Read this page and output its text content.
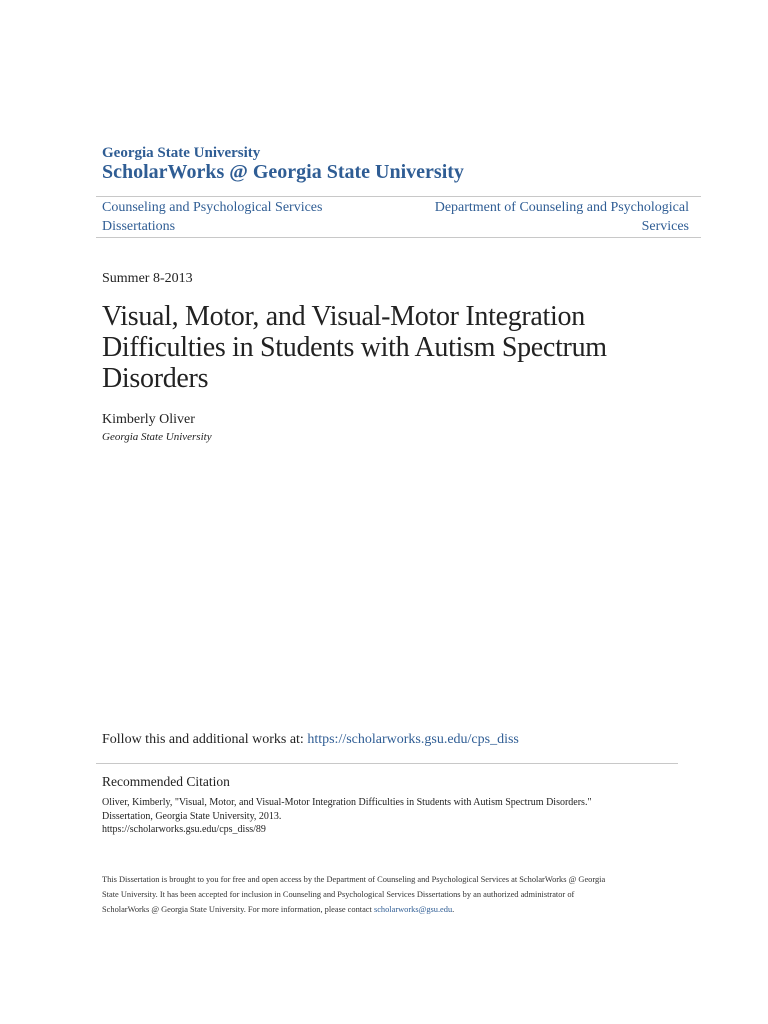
Georgia State University
ScholarWorks @ Georgia State University
Counseling and Psychological Services
Dissertations
Department of Counseling and Psychological
Services
Summer 8-2013
Visual, Motor, and Visual-Motor Integration
Difficulties in Students with Autism Spectrum
Disorders
Kimberly Oliver
Georgia State University
Follow this and additional works at: https://scholarworks.gsu.edu/cps_diss
Recommended Citation
Oliver, Kimberly, "Visual, Motor, and Visual-Motor Integration Difficulties in Students with Autism Spectrum Disorders."
Dissertation, Georgia State University, 2013.
https://scholarworks.gsu.edu/cps_diss/89
This Dissertation is brought to you for free and open access by the Department of Counseling and Psychological Services at ScholarWorks @ Georgia
State University. It has been accepted for inclusion in Counseling and Psychological Services Dissertations by an authorized administrator of
ScholarWorks @ Georgia State University. For more information, please contact scholarworks@gsu.edu.
